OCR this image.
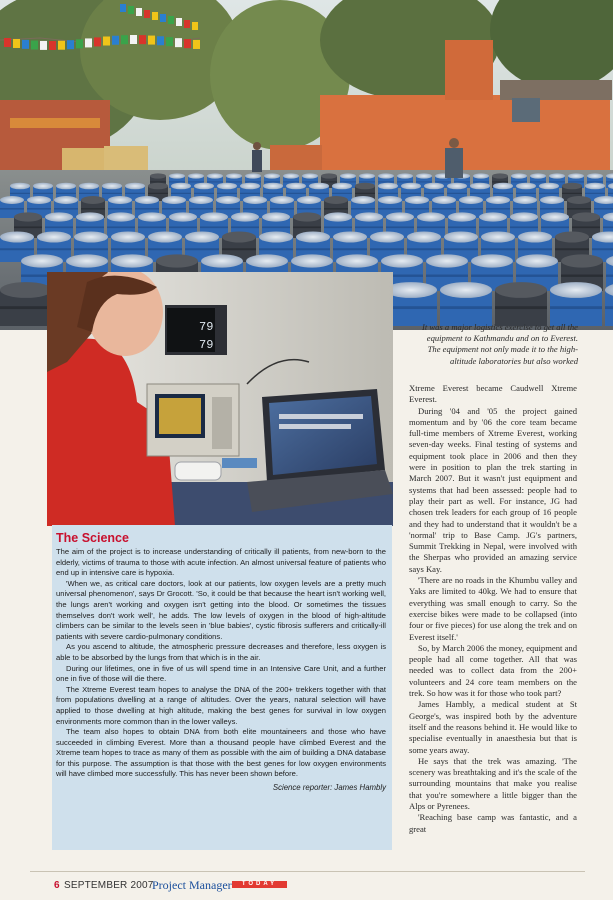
79
79
It was a major logistics exercise to get all the equipment to Kathmandu and on to Everest. The equipment not only made it to the high-altitude laboratories but also worked
The Science

The aim of the project is to increase understanding of critically ill patients, from new-born to the elderly, victims of trauma to those with acute infection. An almost universal feature of patients who end up in intensive care is hypoxia.

'When we, as critical care doctors, look at our patients, low oxygen levels are a pretty much universal phenomenon', says Dr Grocott. 'So, it could be that because the heart isn't working well, the lungs aren't working and oxygen isn't getting into the blood. Or sometimes the tissues themselves don't work well', he adds. The low levels of oxygen in the blood of high-altitude climbers can be similar to the levels seen in 'blue babies', cystic fibrosis sufferers and critically-ill patients with severe cardio-pulmonary conditions.

As you ascend to altitude, the atmospheric pressure decreases and therefore, less oxygen is able to be absorbed by the lungs from that which is in the air.

During our lifetimes, one in five of us will spend time in an Intensive Care Unit, and a further one in five of those will die there.

The Xtreme Everest team hopes to analyse the DNA of the 200+ trekkers together with that from populations dwelling at a range of altitudes. Over the years, natural selection will have applied to those dwelling at high altitude, making the best genes for survival in low oxygen environments more common than in the lower valleys.

The team also hopes to obtain DNA from both elite mountaineers and those who have succeeded in climbing Everest. More than a thousand people have climbed Everest and the Xtreme team hopes to trace as many of them as possible with the aim of building a DNA database for this purpose. The assumption is that those with the best genes for low oxygen environments will have climbed more successfully. This has never been shown before.

Science reporter: James Hambly

Xtreme Everest became Caudwell Xtreme Everest.

During '04 and '05 the project gained momentum and by '06 the core team became full-time members of Xtreme Everest, working seven-day weeks. Final testing of systems and equipment took place in 2006 and then they were in position to plan the trek starting in March 2007. But it wasn't just equipment and systems that had been assessed: people had to play their part as well. For instance, JG had chosen trek leaders for each group of 16 people and they had to understand that it wouldn't be a 'normal' trip to Base Camp. JG's partners, Summit Trekking in Nepal, were involved with the Sherpas who provided an amazing service says Kay.

'There are no roads in the Khumbu valley and Yaks are limited to 40kg. We had to ensure that everything was small enough to carry. So the exercise bikes were made to be collapsed (into four or five pieces) for use along the trek and on Everest itself.'

So, by March 2006 the money, equipment and people had all come together. All that was needed was to collect data from the 200+ volunteers and 24 core team members on the trek. So how was it for those who took part?

James Hambly, a medical student at St George's, was inspired both by the adventure itself and the reasons behind it. He would like to specialise eventually in anaesthesia but that is some years away.

He says that the trek was amazing. 'The scenery was breathtaking and it's the scale of the surrounding mountains that make you realise that you're somewhere a little bigger than the Alps or Pyrenees.

'Reaching base camp was fantastic, and a great

6 SEPTEMBER 2007
Project Manager	TODAY
